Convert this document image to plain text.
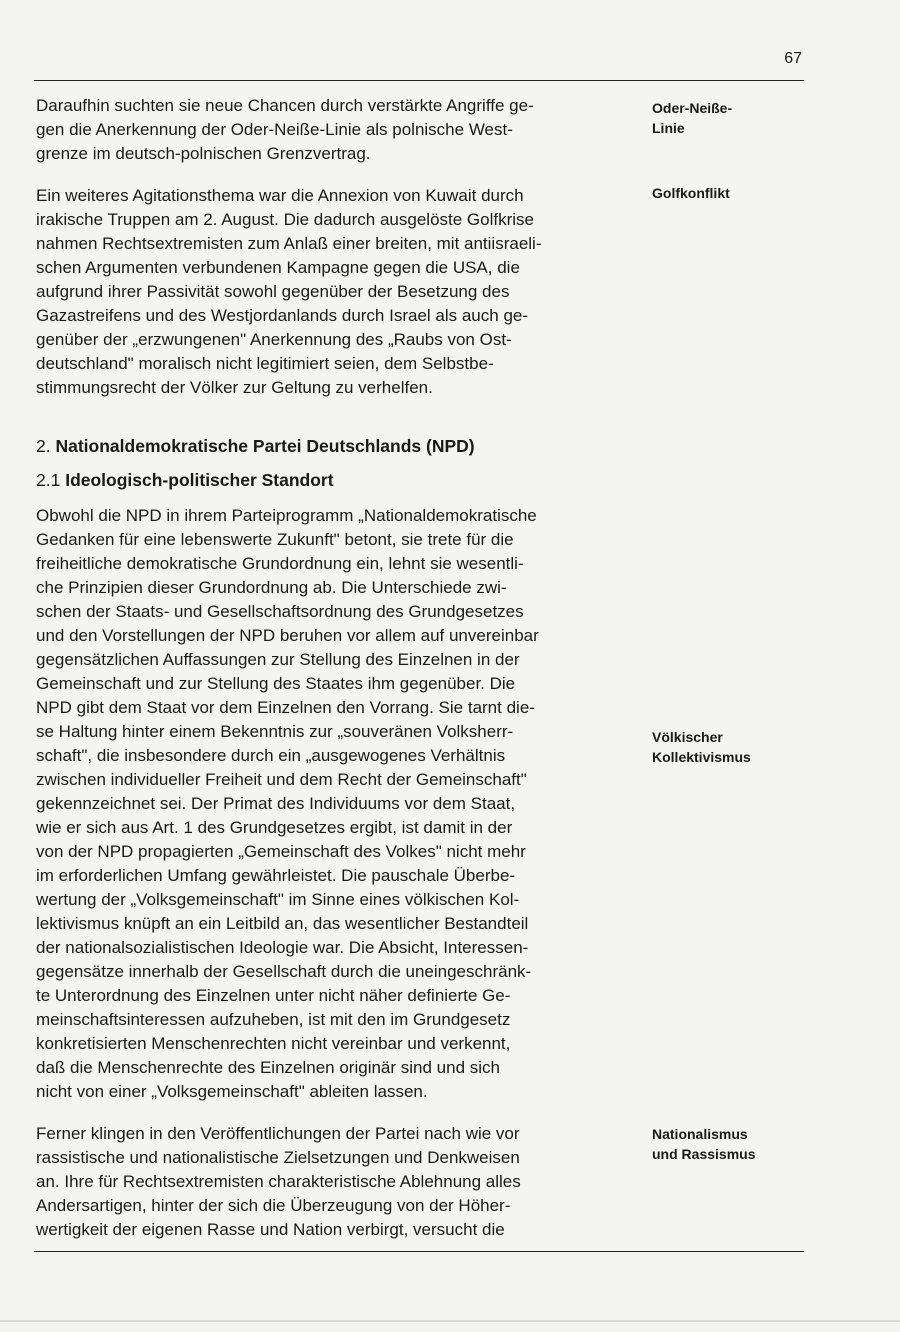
67

Daraufhin suchten sie neue Chancen durch verstärkte Angriffe ge-
gen die Anerkennung der Oder-Neiße-Linie als polnische West-
grenze im deutsch-polnischen Grenzvertrag.

Ein weiteres Agitationsthema war die Annexion von Kuwait durch
irakische Truppen am 2. August. Die dadurch ausgelöste Golfkrise
nahmen Rechtsextremisten zum Anlaß einer breiten, mit antiisraeli-
schen Argumenten verbundenen Kampagne gegen die USA, die
aufgrund ihrer Passivität sowohl gegenüber der Besetzung des
Gazastreifens und des Westjordanlands durch Israel als auch ge-
genüber der „erzwungenen" Anerkennung des „Raubs von Ost-
deutschland" moralisch nicht legitimiert seien, dem Selbstbe-
stimmungsrecht der Völker zur Geltung zu verhelfen.

2. Nationaldemokratische Partei Deutschlands (NPD)
2.1 Ideologisch-politischer Standort

Obwohl die NPD in ihrem Parteiprogramm „Nationaldemokratische
Gedanken für eine lebenswerte Zukunft" betont, sie trete für die
freiheitliche demokratische Grundordnung ein, lehnt sie wesentli-
che Prinzipien dieser Grundordnung ab. Die Unterschiede zwi-
schen der Staats- und Gesellschaftsordnung des Grundgesetzes
und den Vorstellungen der NPD beruhen vor allem auf unvereinbar
gegensätzlichen Auffassungen zur Stellung des Einzelnen in der
Gemeinschaft und zur Stellung des Staates ihm gegenüber. Die
NPD gibt dem Staat vor dem Einzelnen den Vorrang. Sie tarnt die-
se Haltung hinter einem Bekenntnis zur „souveränen Volksherr-
schaft", die insbesondere durch ein „ausgewogenes Verhältnis
zwischen individueller Freiheit und dem Recht der Gemeinschaft"
gekennzeichnet sei. Der Primat des Individuums vor dem Staat,
wie er sich aus Art. 1 des Grundgesetzes ergibt, ist damit in der
von der NPD propagierten „Gemeinschaft des Volkes" nicht mehr
im erforderlichen Umfang gewährleistet. Die pauschale Überbe-
wertung der „Volksgemeinschaft" im Sinne eines völkischen Kol-
lektivismus knüpft an ein Leitbild an, das wesentlicher Bestandteil
der nationalsozialistischen Ideologie war. Die Absicht, Interessen-
gegensätze innerhalb der Gesellschaft durch die uneingeschränk-
te Unterordnung des Einzelnen unter nicht näher definierte Ge-
meinschaftsinteressen aufzuheben, ist mit den im Grundgesetz
konkretisierten Menschenrechten nicht vereinbar und verkennt,
daß die Menschenrechte des Einzelnen originär sind und sich
nicht von einer „Volksgemeinschaft" ableiten lassen.

Ferner klingen in den Veröffentlichungen der Partei nach wie vor
rassistische und nationalistische Zielsetzungen und Denkweisen
an. Ihre für Rechtsextremisten charakteristische Ablehnung alles
Andersartigen, hinter der sich die Überzeugung von der Höher-
wertigkeit der eigenen Rasse und Nation verbirgt, versucht die

Oder-Neiße-
Linie
Golfkonflikt
Völkischer
Kollektivismus
Nationalismus
und Rassismus
